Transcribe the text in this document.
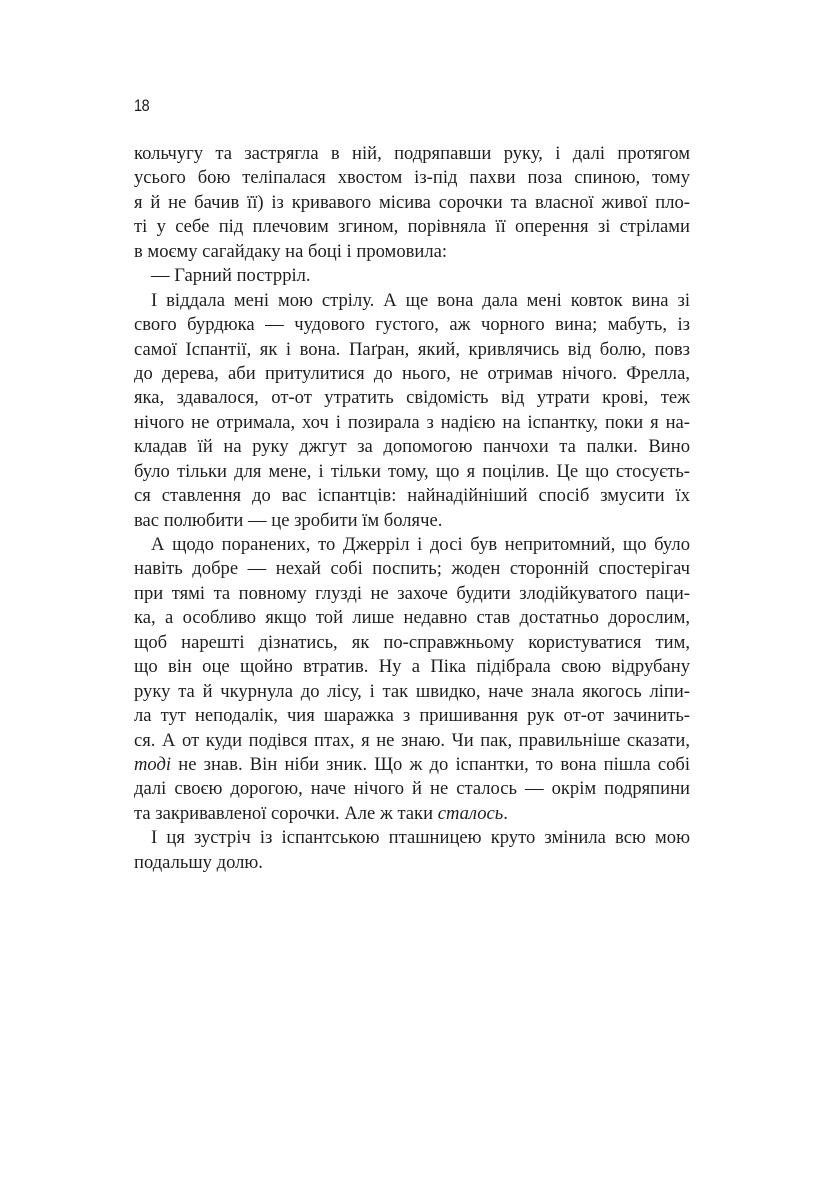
18
кольчугу та застрягла в ній, подряпавши руку, і далі протягом
усього бою теліпалася хвостом із-під пахви поза спиною, тому
я й не бачив її) із кривавого місива сорочки та власної живої пло-
ті у себе під плечовим згином, порівняла її оперення зі стрілами
в моєму сагайдаку на боці і промовила:
— Гарний пострріл.
І віддала мені мою стрілу. А ще вона дала мені ковток вина зі
свого бурдюка — чудового густого, аж чорного вина; мабуть, із
самої Іспантії, як і вона. Паґран, який, кривлячись від болю, повз
до дерева, аби притулитися до нього, не отримав нічого. Фрелла,
яка, здавалося, от-от утратить свідомість від утрати крові, теж
нічого не отримала, хоч і позирала з надією на іспантку, поки я на-
кладав їй на руку джгут за допомогою панчохи та палки. Вино
було тільки для мене, і тільки тому, що я поцілив. Це що стосуєть-
ся ставлення до вас іспантців: найнадійніший спосіб змусити їх
вас полюбити — це зробити їм боляче.
А щодо поранених, то Джерріл і досі був непритомний, що було
навіть добре — нехай собі поспить; жоден сторонній спостерігач
при тямі та повному глузді не захоче будити злодійкуватого паци-
ка, а особливо якщо той лише недавно став достатньо дорослим,
щоб нарешті дізнатись, як по-справжньому користуватися тим,
що він оце щойно втратив. Ну а Піка підібрала свою відрубану
руку та й чкурнула до лісу, і так швидко, наче знала якогось ліпи-
ла тут неподалік, чия шаражка з пришивання рук от-от зачинить-
ся. А от куди подівся птах, я не знаю. Чи пак, правильніше сказати,
тоді не знав. Він ніби зник. Що ж до іспантки, то вона пішла собі
далі своєю дорогою, наче нічого й не сталось — окрім подряпини
та закривавленої сорочки. Але ж таки сталось.
І ця зустріч із іспантською пташницею круто змінила всю мою
подальшу долю.
